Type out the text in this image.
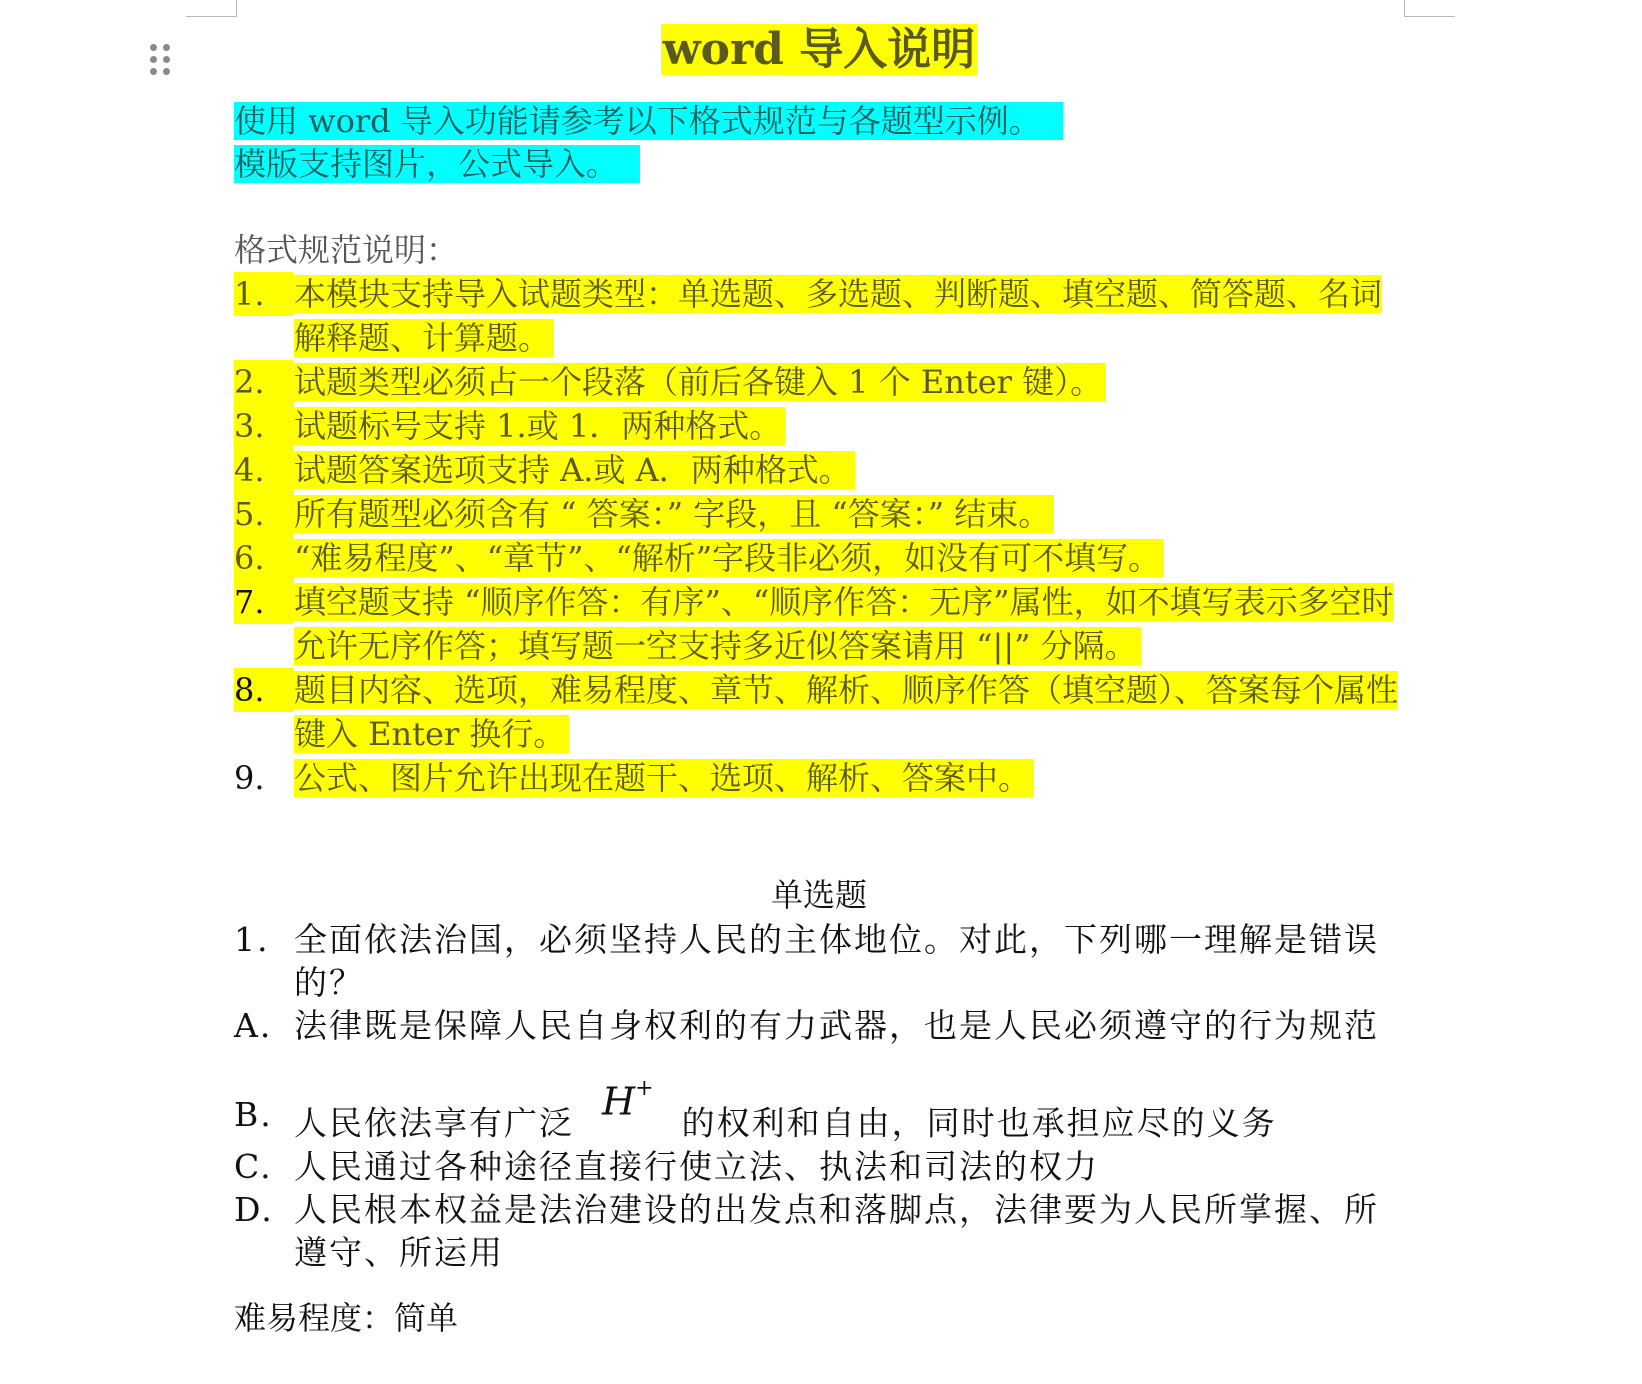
word 导入说明
使用 word 导入功能请参考以下格式规范与各题型示例。
模版支持图片，公式导入。
格式规范说明：
1. 本模块支持导入试题类型：单选题、多选题、判断题、填空题、简答题、名词解释题、计算题。
2. 试题类型必须占一个段落（前后各键入 1 个 Enter 键）。
3. 试题标号支持 1.或 1．两种格式。
4. 试题答案选项支持 A.或 A．两种格式。
5. 所有题型必须含有 “ 答案：” 字段，且 “答案：” 结束。
6. “难易程度”、“章节”、“解析”字段非必须，如没有可不填写。
7. 填空题支持 “顺序作答：有序”、“顺序作答：无序”属性，如不填写表示多空时允许无序作答；填写题一空支持多近似答案请用 “||” 分隔。
8. 题目内容、选项，难易程度、章节、解析、顺序作答（填空题）、答案每个属性键入 Enter 换行。
9. 公式、图片允许出现在题干、选项、解析、答案中。
单选题
1. 全面依法治国，必须坚持人民的主体地位。对此，下列哪一理解是错误的？
A. 法律既是保障人民自身权利的有力武器，也是人民必须遵守的行为规范
B. 人民依法享有广泛 H+的权利和自由，同时也承担应尽的义务
C. 人民通过各种途径直接行使立法、执法和司法的权力
D. 人民根本权益是法治建设的出发点和落脚点，法律要为人民所掌握、所遵守、所运用
难易程度：简单
